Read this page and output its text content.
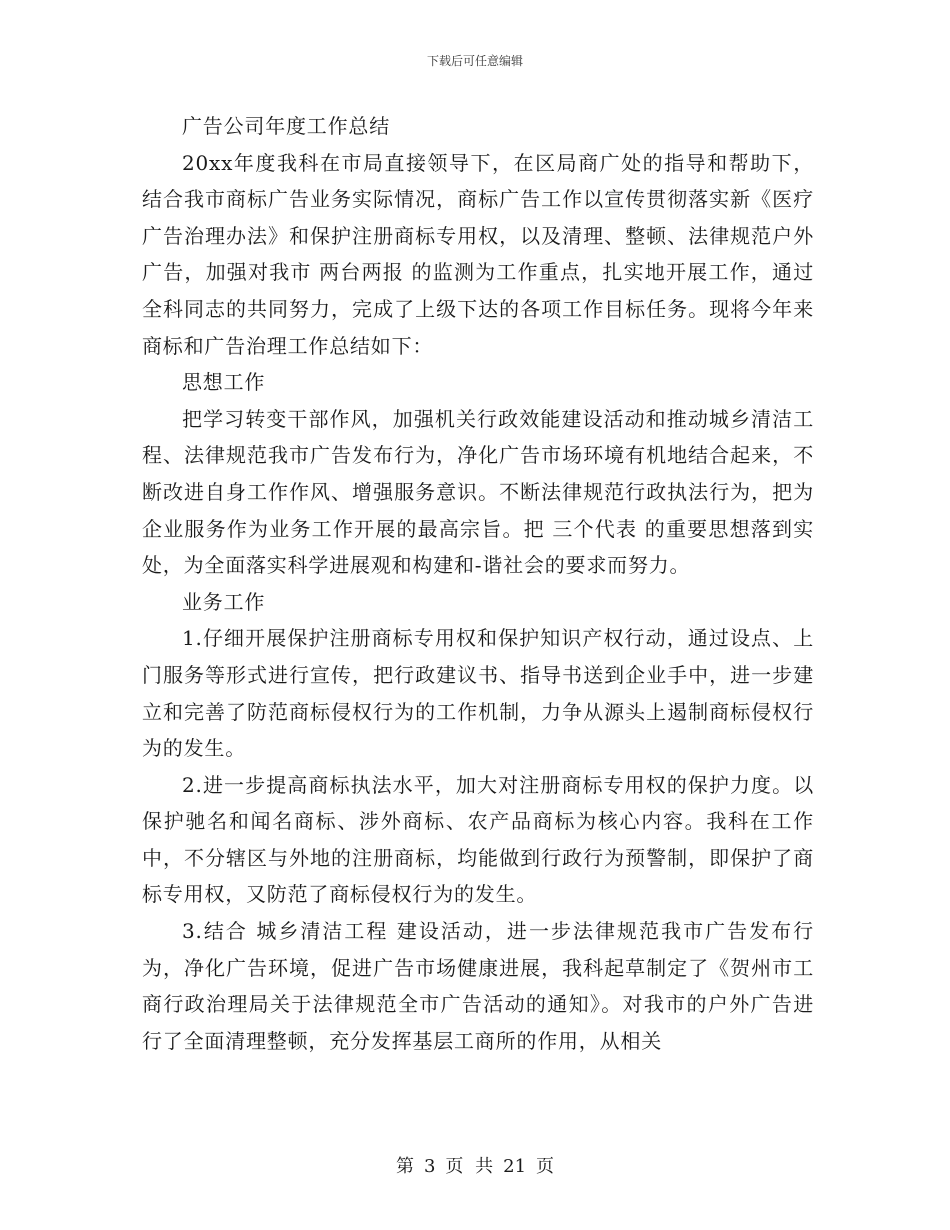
下载后可任意编辑

广告公司年度工作总结

20xx年度我科在市局直接领导下，在区局商广处的指导和帮助下，结合我市商标广告业务实际情况，商标广告工作以宣传贯彻落实新《医疗广告治理办法》和保护注册商标专用权，以及清理、整顿、法律规范户外广告，加强对我市 两台两报 的监测为工作重点，扎实地开展工作，通过全科同志的共同努力，完成了上级下达的各项工作目标任务。现将今年来商标和广告治理工作总结如下：

思想工作

把学习转变干部作风，加强机关行政效能建设活动和推动城乡清洁工程、法律规范我市广告发布行为，净化广告市场环境有机地结合起来，不断改进自身工作作风、增强服务意识。不断法律规范行政执法行为，把为企业服务作为业务工作开展的最高宗旨。把 三个代表 的重要思想落到实处，为全面落实科学进展观和构建和-谐社会的要求而努力。

业务工作

1.仔细开展保护注册商标专用权和保护知识产权行动，通过设点、上门服务等形式进行宣传，把行政建议书、指导书送到企业手中，进一步建立和完善了防范商标侵权行为的工作机制，力争从源头上遏制商标侵权行为的发生。

2.进一步提高商标执法水平，加大对注册商标专用权的保护力度。以保护驰名和闻名商标、涉外商标、农产品商标为核心内容。我科在工作中，不分辖区与外地的注册商标，均能做到行政行为预警制，即保护了商标专用权，又防范了商标侵权行为的发生。

3.结合 城乡清洁工程 建设活动，进一步法律规范我市广告发布行为，净化广告环境，促进广告市场健康进展，我科起草制定了《贺州市工商行政治理局关于法律规范全市广告活动的通知》。对我市的户外广告进行了全面清理整顿，充分发挥基层工商所的作用，从相关

第 3 页 共 21 页
